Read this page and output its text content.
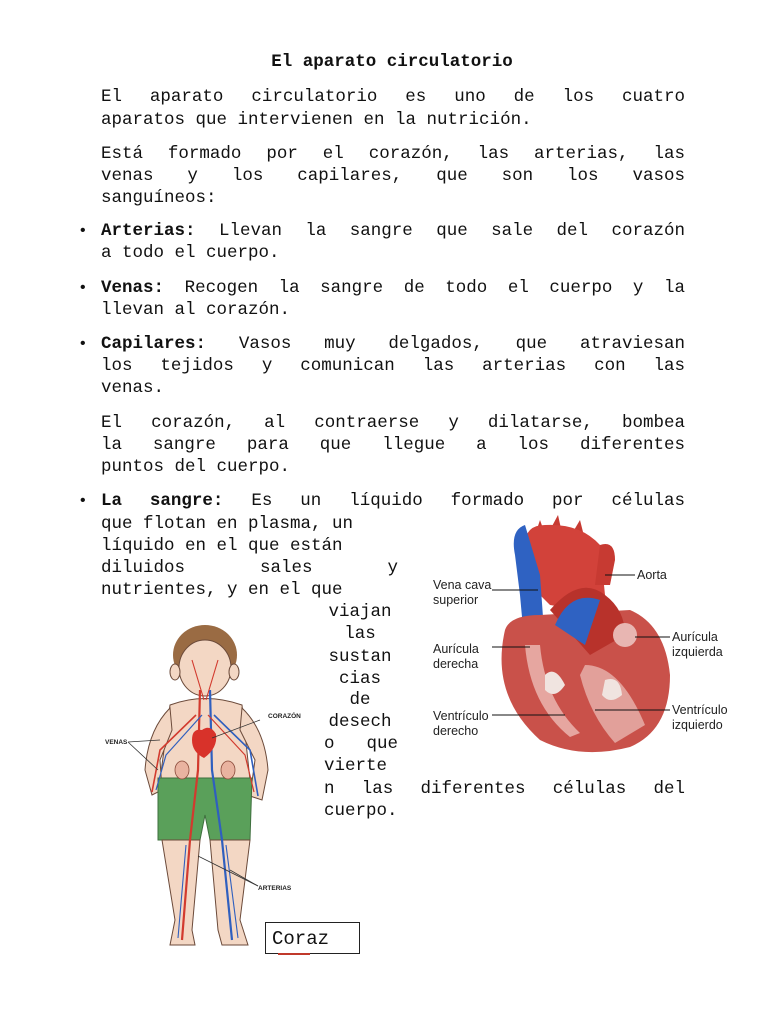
El aparato circulatorio
El aparato circulatorio es uno de los cuatro
aparatos que intervienen en la nutrición.
Está formado por el corazón, las arterias, las
venas y los capilares, que son los vasos
sanguíneos:
• Arterias: Llevan la sangre que sale del corazón
a todo el cuerpo.
• Venas: Recogen la sangre de todo el cuerpo y la
llevan al corazón.
• Capilares: Vasos muy delgados, que atraviesan
los tejidos y comunican las arterias con las
venas.
El corazón, al contraerse y dilatarse, bombea
la sangre para que llegue a los diferentes
puntos del cuerpo.
• La sangre: Es un líquido formado por células
que flotan en plasma, un
líquido en el que están
diluidos sales y
nutrientes, y en el que
viajan
las
sustan
cias
de
desech
o que
vierte
n las diferentes células del
cuerpo.
Vena cava
superior
Aorta
Aurícula
derecha
Aurícula
izquierda
Ventrículo
derecho
Ventrículo
izquierdo
CORAZÓN
VENAS
ARTERIAS
Coraz
